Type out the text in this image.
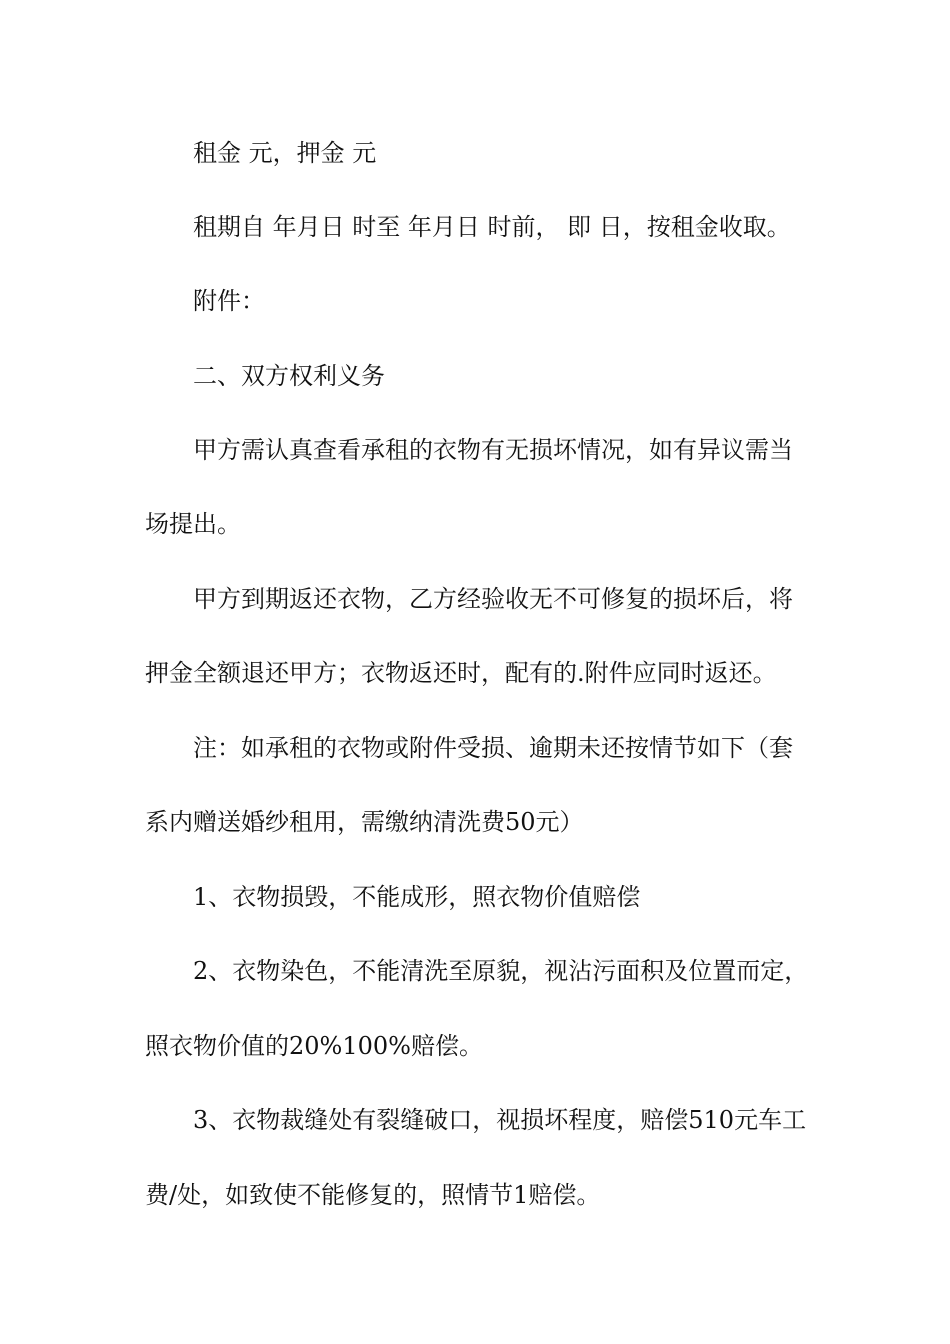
租金 元，押金 元

租期自 年月日 时至 年月日 时前， 即 日，按租金收取。

附件：

二、双方权利义务

甲方需认真查看承租的衣物有无损坏情况，如有异议需当

场提出。

甲方到期返还衣物，乙方经验收无不可修复的损坏后，将

押金全额退还甲方；衣物返还时，配有的.附件应同时返还。

注：如承租的衣物或附件受损、逾期未还按情节如下（套

系内赠送婚纱租用，需缴纳清洗费50元）

1、衣物损毁，不能成形，照衣物价值赔偿

2、衣物染色，不能清洗至原貌，视沾污面积及位置而定，

照衣物价值的20%100%赔偿。

3、衣物裁缝处有裂缝破口，视损坏程度，赔偿510元车工

费/处，如致使不能修复的，照情节1赔偿。
